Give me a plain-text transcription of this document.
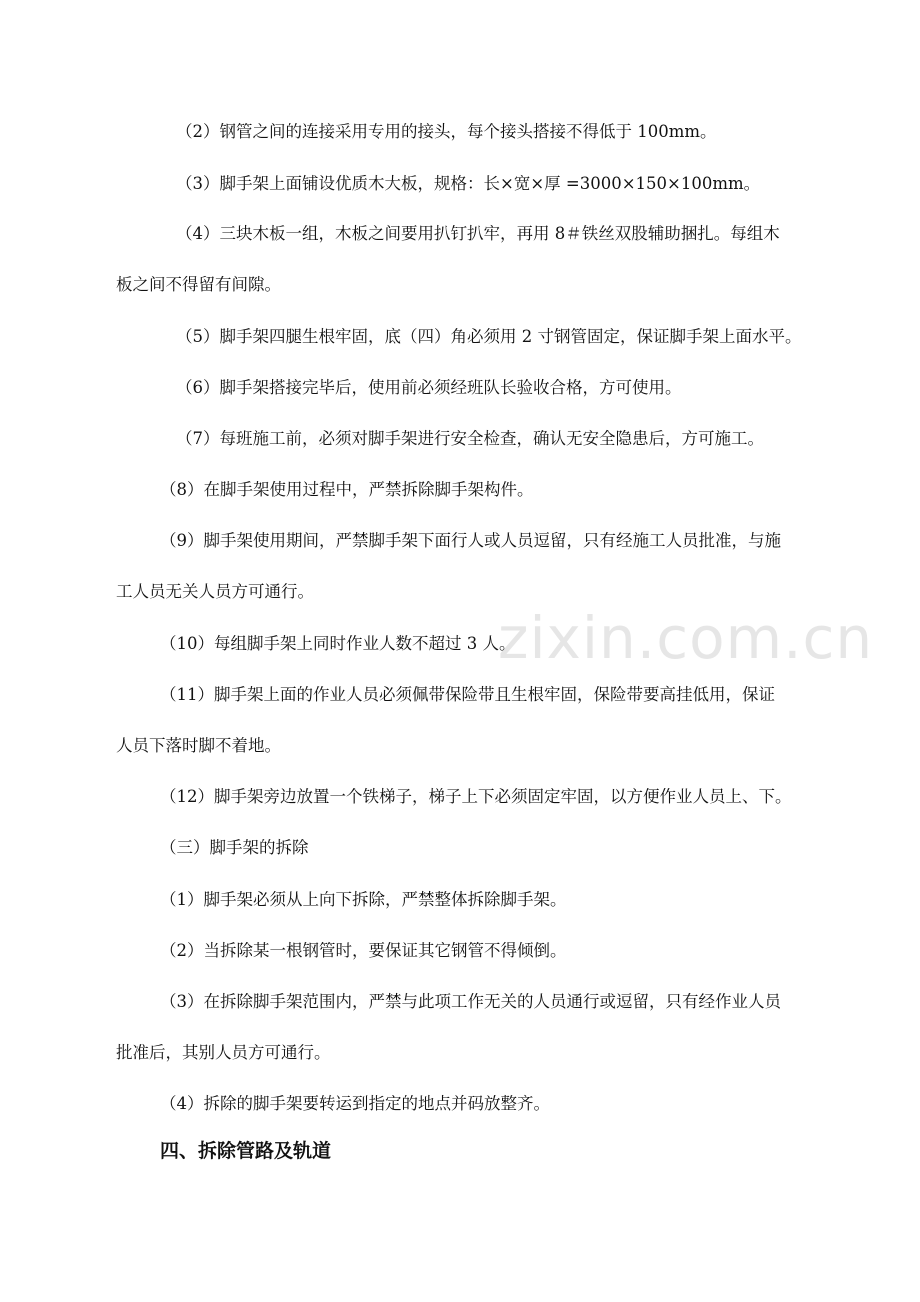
zixin.com.cn

（2）钢管之间的连接采用专用的接头，每个接头搭接不得低于 100mm。

（3）脚手架上面铺设优质木大板，规格：长×宽×厚 =3000×150×100mm。

（4）三块木板一组，木板之间要用扒钉扒牢，再用 8＃铁丝双股辅助捆扎。每组木

板之间不得留有间隙。

（5）脚手架四腿生根牢固，底（四）角必须用 2 寸钢管固定，保证脚手架上面水平。

（6）脚手架搭接完毕后，使用前必须经班队长验收合格，方可使用。

（7）每班施工前，必须对脚手架进行安全检查，确认无安全隐患后，方可施工。

（8）在脚手架使用过程中，严禁拆除脚手架构件。

（9）脚手架使用期间，严禁脚手架下面行人或人员逗留，只有经施工人员批准，与施

工人员无关人员方可通行。

（10）每组脚手架上同时作业人数不超过 3 人。

（11）脚手架上面的作业人员必须佩带保险带且生根牢固，保险带要高挂低用，保证

人员下落时脚不着地。

（12）脚手架旁边放置一个铁梯子，梯子上下必须固定牢固，以方便作业人员上、下。

（三）脚手架的拆除

（1）脚手架必须从上向下拆除，严禁整体拆除脚手架。

（2）当拆除某一根钢管时，要保证其它钢管不得倾倒。

（3）在拆除脚手架范围内，严禁与此项工作无关的人员通行或逗留，只有经作业人员

批准后，其别人员方可通行。

（4）拆除的脚手架要转运到指定的地点并码放整齐。

四、拆除管路及轨道
